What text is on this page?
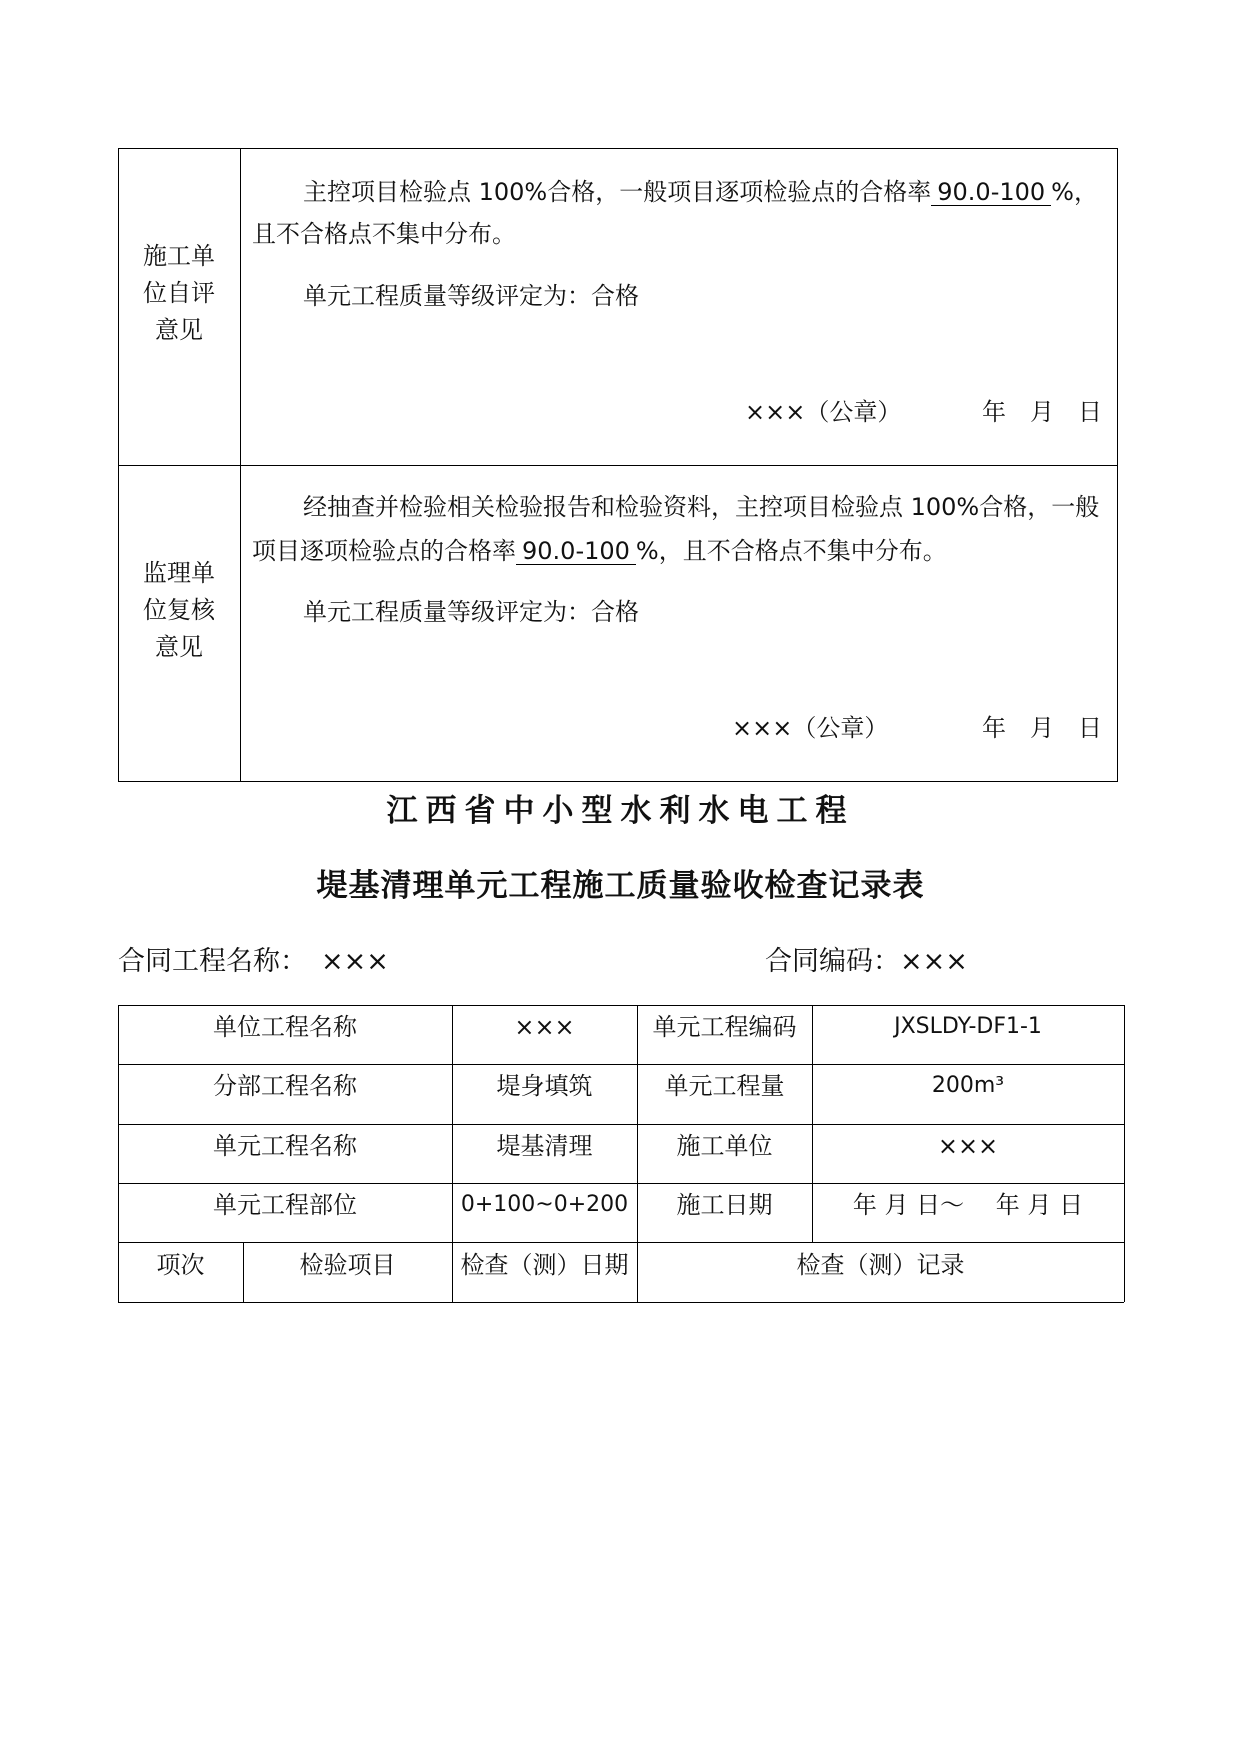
施工单
位自评
意见
主控项目检验点 100%合格，一般项目逐项检验点的合格率 90.0-100 %，
且不合格点不集中分布。
单元工程质量等级评定为：合格
×××（公章）	年　月　日
监理单
位复核
意见
经抽查并检验相关检验报告和检验资料，主控项目检验点 100%合格，一般
项目逐项检验点的合格率 90.0-100 %，且不合格点不集中分布。
单元工程质量等级评定为：合格
×××（公章）	年　月　日
江西省中小型水利水电工程
堤基清理单元工程施工质量验收检查记录表
合同工程名称： ×××	合同编码：×××
单位工程名称	×××	单元工程编码	JXSLDY-DF1-1
分部工程名称	堤身填筑	单元工程量	200m³
单元工程名称	堤基清理	施工单位	×××
单元工程部位	0+100~0+200	施工日期	年 月 日～　 年 月 日
项次	检验项目	检查（测）日期	检查（测）记录
